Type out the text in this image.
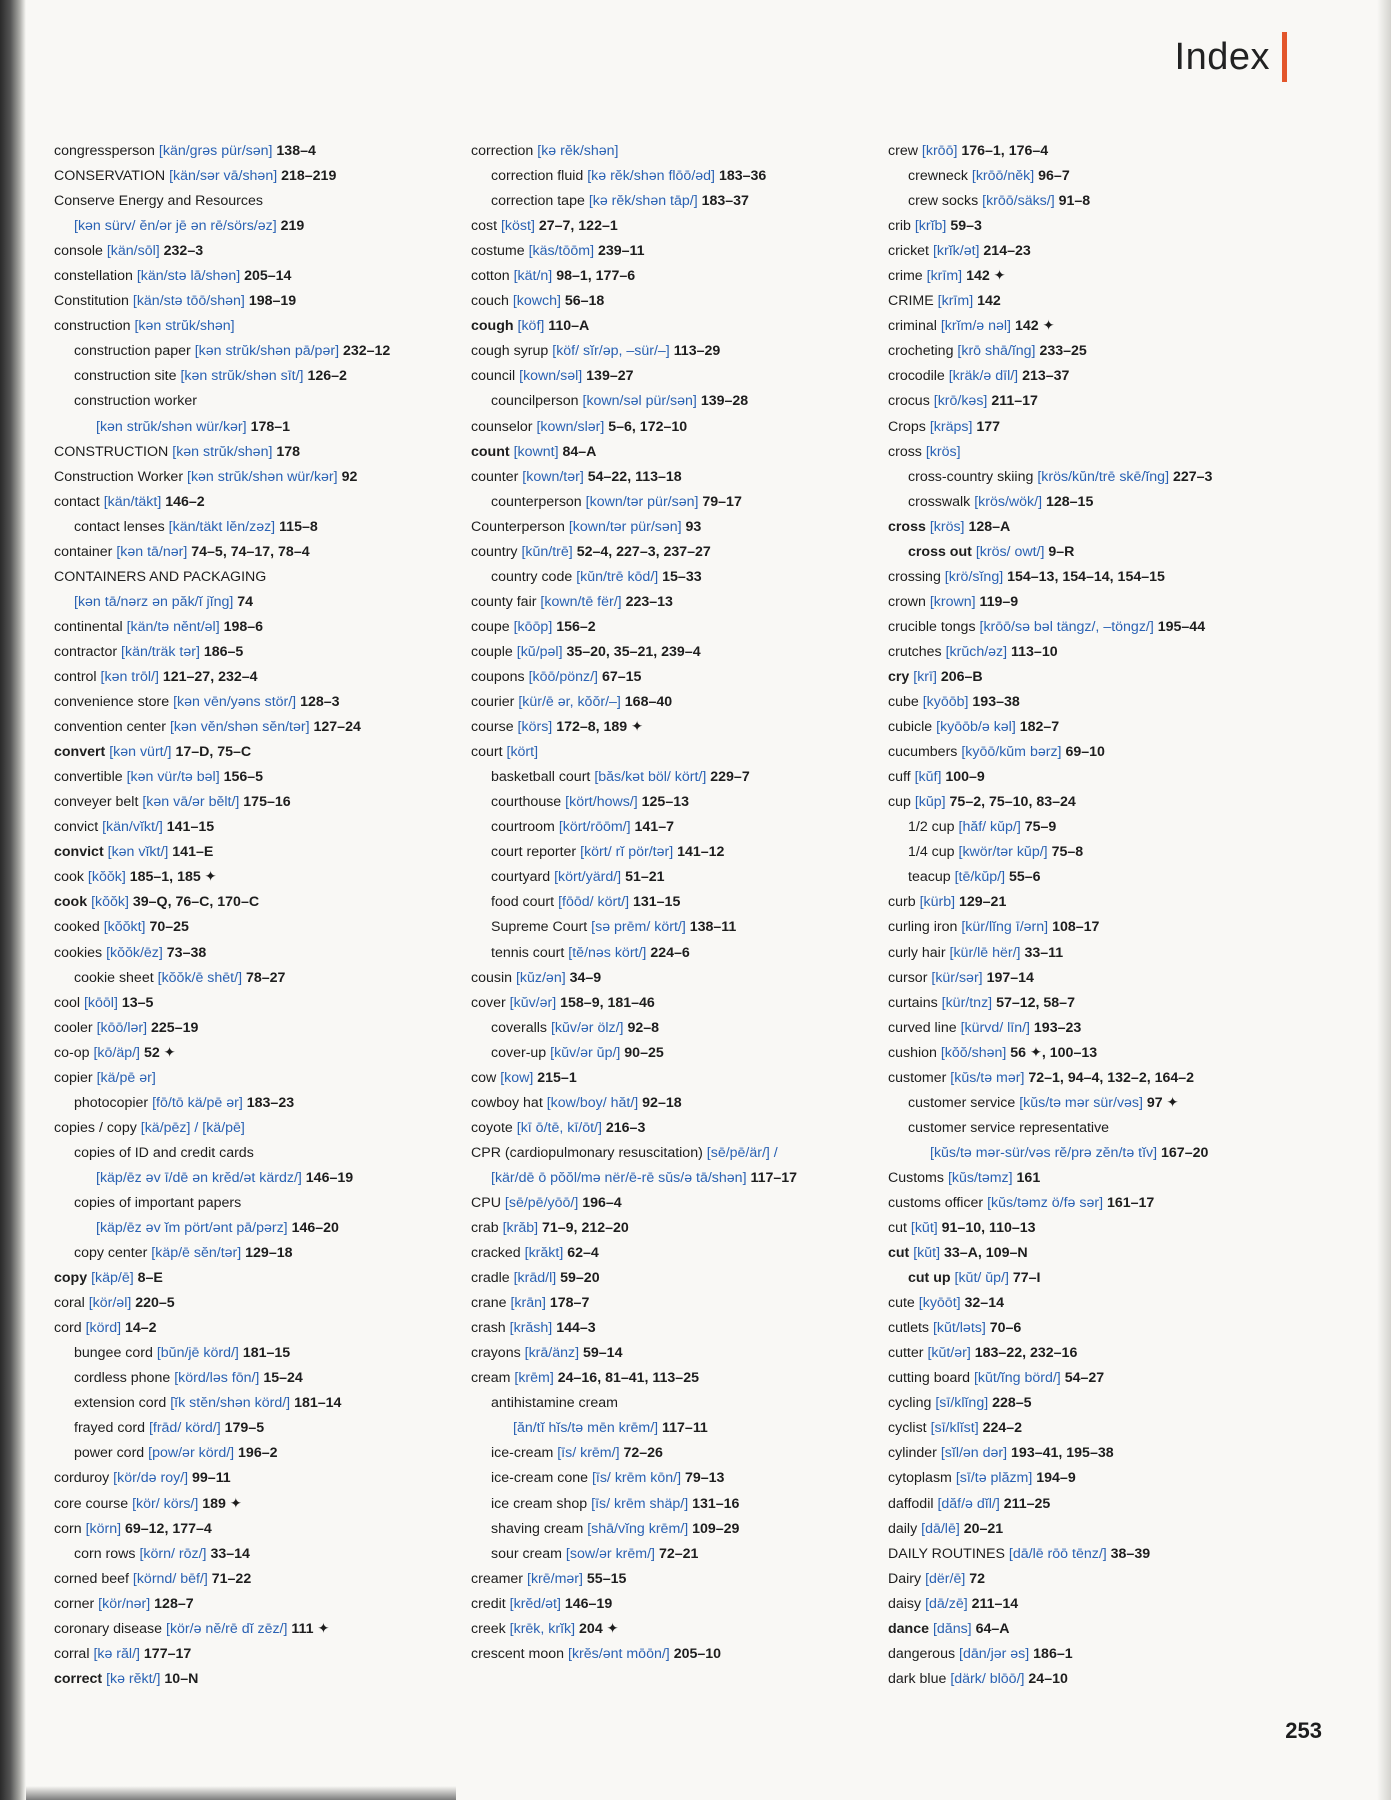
Index
congressperson [kän/grəs pür/sən] 138–4
CONSERVATION [kän/sər vā/shən] 218–219
Conserve Energy and Resources
[kən sürv/ ĕn/ər jē ən rē/sörs/əz] 219
console [kän/sōl] 232–3
constellation [kän/stə lā/shən] 205–14
Constitution [kän/stə tōō/shən] 198–19
construction [kən strŭk/shən]
construction paper [kən strŭk/shən pā/pər] 232–12
construction site [kən strŭk/shən sīt/] 126–2
construction worker
[kən strŭk/shən wür/kər] 178–1
CONSTRUCTION [kən strŭk/shən] 178
Construction Worker [kən strŭk/shən wür/kər] 92
contact [kän/täkt] 146–2
contact lenses [kän/täkt lĕn/zəz] 115–8
container [kən tā/nər] 74–5, 74–17, 78–4
CONTAINERS AND PACKAGING
[kən tā/nərz ən păk/ĭ jĭng] 74
continental [kän/tə nĕnt/əl] 198–6
contractor [kän/träk tər] 186–5
control [kən trōl/] 121–27, 232–4
convenience store [kən vēn/yəns stör/] 128–3
convention center [kən vĕn/shən sĕn/tər] 127–24
convert [kən vürt/] 17–D, 75–C
convertible [kən vür/tə bəl] 156–5
conveyer belt [kən vā/ər bĕlt/] 175–16
convict [kän/vĭkt/] 141–15
convict [kən vĭkt/] 141–E
cook [kŏŏk] 185–1, 185 ✦
cook [kŏŏk] 39–Q, 76–C, 170–C
cooked [kŏŏkt] 70–25
cookies [kŏŏk/ēz] 73–38
cookie sheet [kŏŏk/ē shēt/] 78–27
cool [kōōl] 13–5
cooler [kōō/lər] 225–19
co-op [kō/äp/] 52 ✦
copier [kä/pē ər]
photocopier [fō/tō kä/pē ər] 183–23
copies / copy [kä/pēz] / [kä/pē]
copies of ID and credit cards
[käp/ēz əv ī/dē ən krĕd/ət kärdz/] 146–19
copies of important papers
[käp/ēz əv ĭm pört/ənt pā/pərz] 146–20
copy center [käp/ē sĕn/tər] 129–18
copy [käp/ē] 8–E
coral [kör/əl] 220–5
cord [körd] 14–2
bungee cord [bŭn/jē körd/] 181–15
cordless phone [körd/ləs fōn/] 15–24
extension cord [ĭk stĕn/shən körd/] 181–14
frayed cord [frād/ körd/] 179–5
power cord [pow/ər körd/] 196–2
corduroy [kör/də roy/] 99–11
core course [kör/ körs/] 189 ✦
corn [körn] 69–12, 177–4
corn rows [körn/ rōz/] 33–14
corned beef [körnd/ bēf/] 71–22
corner [kör/nər] 128–7
coronary disease [kör/ə nĕ/rē dĭ zēz/] 111 ✦
corral [kə răl/] 177–17
correct [kə rĕkt/] 10–N
correction [kə rĕk/shən]
correction fluid [kə rĕk/shən flōō/əd] 183–36
correction tape [kə rĕk/shən tāp/] 183–37
cost [köst] 27–7, 122–1
costume [käs/tōōm] 239–11
cotton [kät/n] 98–1, 177–6
couch [kowch] 56–18
cough [köf] 110–A
cough syrup [köf/ sĭr/əp, –sür/–] 113–29
council [kown/səl] 139–27
councilperson [kown/səl pür/sən] 139–28
counselor [kown/slər] 5–6, 172–10
count [kownt] 84–A
counter [kown/tər] 54–22, 113–18
counterperson [kown/tər pür/sən] 79–17
Counterperson [kown/tər pür/sən] 93
country [kŭn/trē] 52–4, 227–3, 237–27
country code [kŭn/trē kōd/] 15–33
county fair [kown/tē fër/] 223–13
coupe [kōōp] 156–2
couple [kŭ/pəl] 35–20, 35–21, 239–4
coupons [kōō/pönz/] 67–15
courier [kür/ē ər, kŏŏr/–] 168–40
course [körs] 172–8, 189 ✦
court [kört]
basketball court [băs/kət böl/ kört/] 229–7
courthouse [kört/hows/] 125–13
courtroom [kört/rōōm/] 141–7
court reporter [kört/ rĭ pör/tər] 141–12
courtyard [kört/yärd/] 51–21
food court [fōōd/ kört/] 131–15
Supreme Court [sə prēm/ kört/] 138–11
tennis court [tĕ/nəs kört/] 224–6
cousin [kŭz/ən] 34–9
cover [kŭv/ər] 158–9, 181–46
coveralls [kŭv/ər ölz/] 92–8
cover-up [kŭv/ər ŭp/] 90–25
cow [kow] 215–1
cowboy hat [kow/boy/ hăt/] 92–18
coyote [kī ō/tē, kī/ōt/] 216–3
CPR (cardiopulmonary resuscitation) [sē/pē/är/] /
[kär/dē ō pŏŏl/mə nër/ē-rē sŭs/ə tā/shən] 117–17
CPU [sē/pē/yōō/] 196–4
crab [krăb] 71–9, 212–20
cracked [krăkt] 62–4
cradle [krād/l] 59–20
crane [krān] 178–7
crash [krăsh] 144–3
crayons [krā/änz] 59–14
cream [krēm] 24–16, 81–41, 113–25
antihistamine cream
[ăn/tĭ hĭs/tə mēn krēm/] 117–11
ice-cream [īs/ krēm/] 72–26
ice-cream cone [īs/ krēm kōn/] 79–13
ice cream shop [īs/ krēm shäp/] 131–16
shaving cream [shā/vĭng krēm/] 109–29
sour cream [sow/ər krēm/] 72–21
creamer [krē/mər] 55–15
credit [krĕd/ət] 146–19
creek [krēk, krĭk] 204 ✦
crescent moon [krĕs/ənt mōōn/] 205–10
crew [krōō] 176–1, 176–4
crewneck [krōō/nĕk] 96–7
crew socks [krōō/säks/] 91–8
crib [krĭb] 59–3
cricket [krĭk/ət] 214–23
crime [krīm] 142 ✦
CRIME [krīm] 142
criminal [krĭm/ə nəl] 142 ✦
crocheting [krō shā/ĭng] 233–25
crocodile [kräk/ə dīl/] 213–37
crocus [krō/kəs] 211–17
Crops [kräps] 177
cross [krös]
cross-country skiing [krös/kŭn/trē skē/ĭng] 227–3
crosswalk [krös/wök/] 128–15
cross [krös] 128–A
cross out [krös/ owt/] 9–R
crossing [krö/sĭng] 154–13, 154–14, 154–15
crown [krown] 119–9
crucible tongs [krōō/sə bəl tängz/, –töngz/] 195–44
crutches [krŭch/əz] 113–10
cry [krī] 206–B
cube [kyōōb] 193–38
cubicle [kyōōb/ə kəl] 182–7
cucumbers [kyōō/kŭm bərz] 69–10
cuff [kŭf] 100–9
cup [kŭp] 75–2, 75–10, 83–24
1/2 cup [hăf/ kŭp/] 75–9
1/4 cup [kwör/tər kŭp/] 75–8
teacup [tē/kŭp/] 55–6
curb [kürb] 129–21
curling iron [kür/lĭng ī/ərn] 108–17
curly hair [kür/lē hër/] 33–11
cursor [kür/sər] 197–14
curtains [kür/tnz] 57–12, 58–7
curved line [kürvd/ līn/] 193–23
cushion [kŏŏ/shən] 56 ✦, 100–13
customer [kŭs/tə mər] 72–1, 94–4, 132–2, 164–2
customer service [kŭs/tə mər sür/vəs] 97 ✦
customer service representative
[kŭs/tə mər-sür/vəs rĕ/prə zĕn/tə tĭv] 167–20
Customs [kŭs/təmz] 161
customs officer [kŭs/təmz ö/fə sər] 161–17
cut [kŭt] 91–10, 110–13
cut [kŭt] 33–A, 109–N
cut up [kŭt/ ŭp/] 77–I
cute [kyōōt] 32–14
cutlets [kŭt/ləts] 70–6
cutter [kŭt/ər] 183–22, 232–16
cutting board [kŭt/ĭng börd/] 54–27
cycling [sī/klĭng] 228–5
cyclist [sī/klĭst] 224–2
cylinder [sĭl/ən dər] 193–41, 195–38
cytoplasm [sī/tə plăzm] 194–9
daffodil [dăf/ə dĭl/] 211–25
daily [dā/lē] 20–21
DAILY ROUTINES [dā/lē rōō tēnz/] 38–39
Dairy [dër/ē] 72
daisy [dā/zē] 211–14
dance [dăns] 64–A
dangerous [dān/jər əs] 186–1
dark blue [därk/ blōō/] 24–10
253
